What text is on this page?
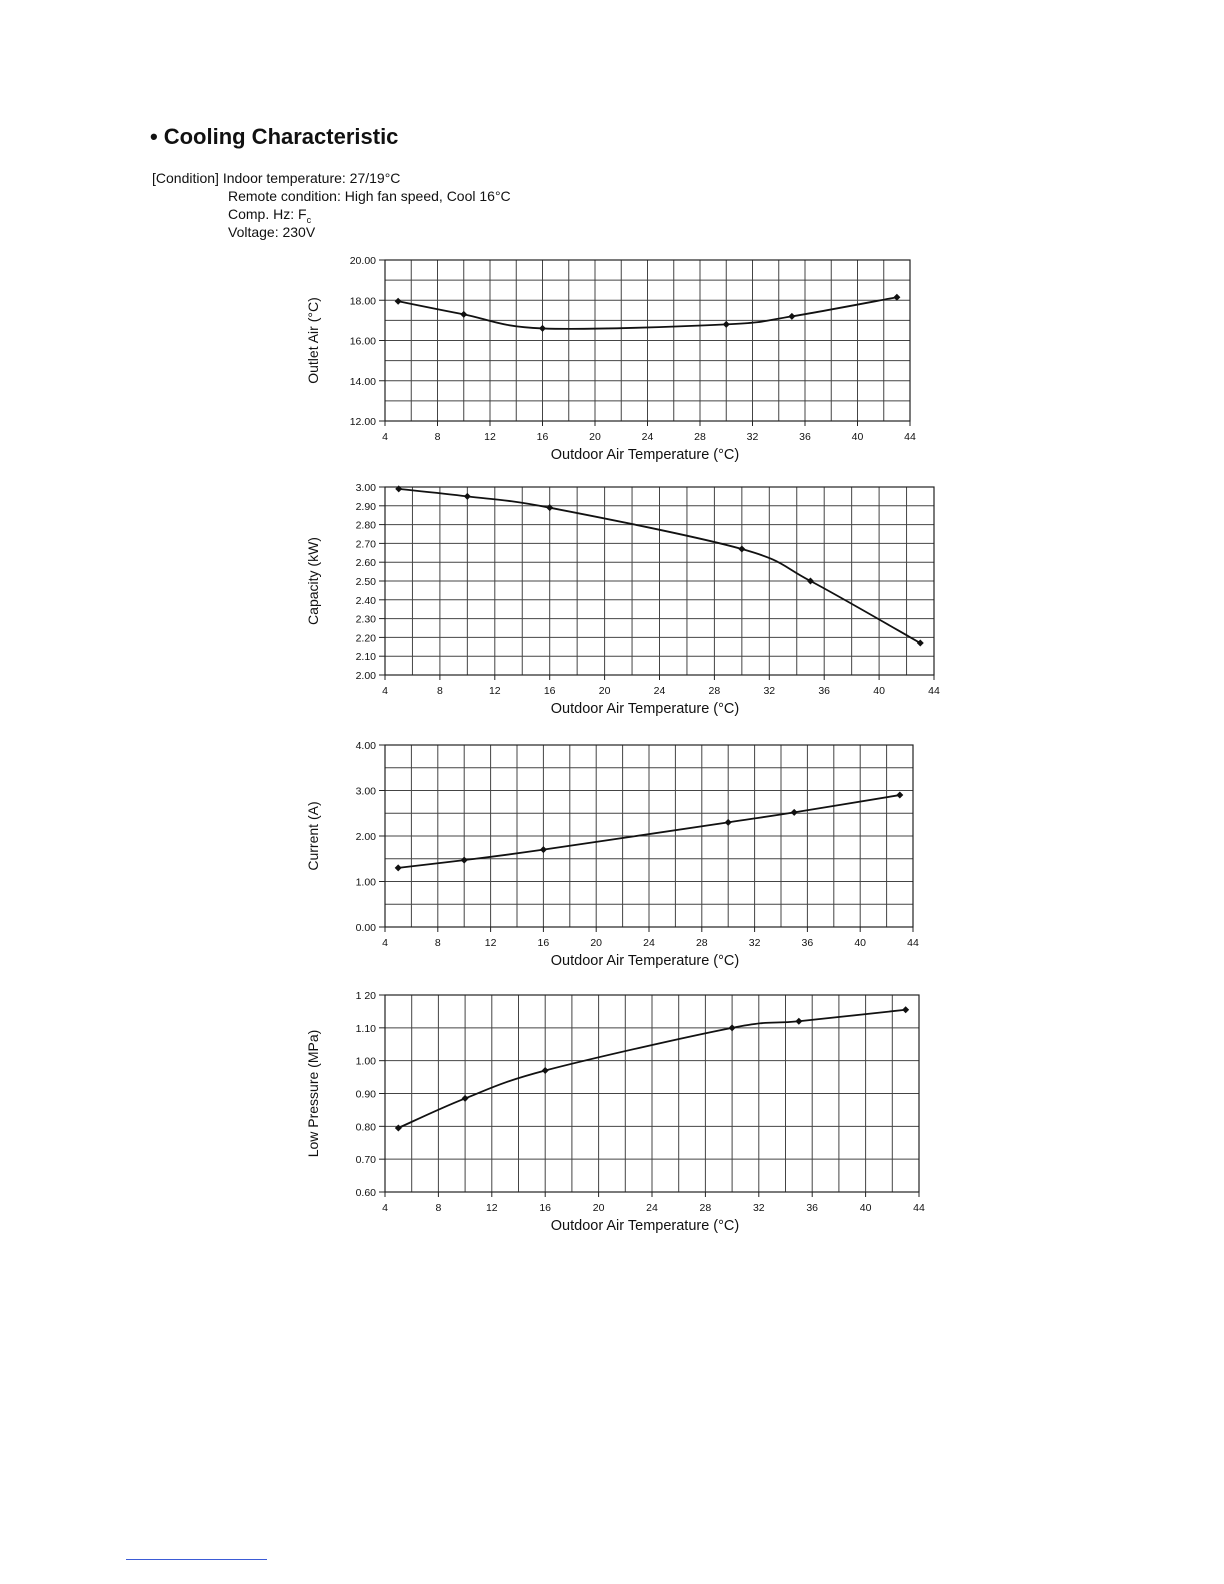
• Cooling Characteristic
[Condition] Indoor temperature: 27/19°C
Remote condition: High fan speed, Cool 16°C
Comp. Hz: $F_c$
Voltage: 230V
12.00
14.00
16.00
18.00
20.00
4	8	12	16	20	24	28	32	36	40	44
Outdoor Air Temperature (°C)
Outlet Air (°C)
2.00
2.10
2.20
2.30
2.40
2.50
2.60
2.70
2.80
2.90
3.00
4	8	12	16	20	24	28	32	36	40	44
Outdoor Air Temperature (°C)
Capacity (kW)
0.00
1.00
2.00
3.00
4.00
4	8	12	16	20	24	28	32	36	40	44
Outdoor Air Temperature (°C)
Current (A)
0.60
0.70
0.80
0.90
1.00
1.10
1 20
4	8	12	16	20	24	28	32	36	40	44
Outdoor Air Temperature (°C)
Low Pressure (MPa)
